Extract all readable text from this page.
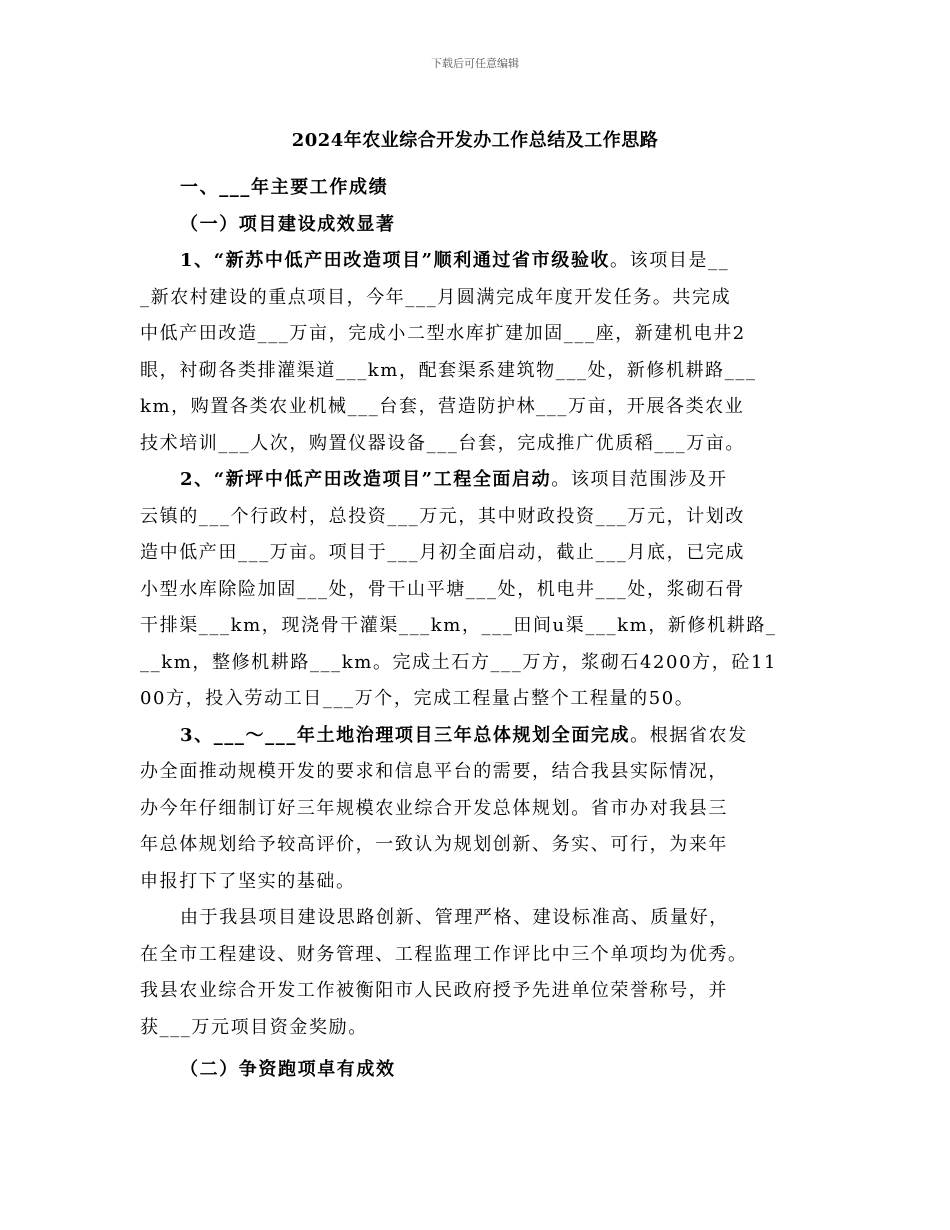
下载后可任意编辑
2024年农业综合开发办工作总结及工作思路
一、___年主要工作成绩
（一）项目建设成效显著
1、“新苏中低产田改造项目”顺利通过省市级验收。该项目是__
_新农村建设的重点项目，今年___月圆满完成年度开发任务。共完成
中低产田改造___万亩，完成小二型水库扩建加固___座，新建机电井2
眼，衬砌各类排灌渠道___km，配套渠系建筑物___处，新修机耕路___
km，购置各类农业机械___台套，营造防护林___万亩，开展各类农业
技术培训___人次，购置仪器设备___台套，完成推广优质稻___万亩。
2、“新坪中低产田改造项目”工程全面启动。该项目范围涉及开
云镇的___个行政村，总投资___万元，其中财政投资___万元，计划改
造中低产田___万亩。项目于___月初全面启动，截止___月底，已完成
小型水库除险加固___处，骨干山平塘___处，机电井___处，浆砌石骨
干排渠___km，现浇骨干灌渠___km，___田间u渠___km，新修机耕路_
__km，整修机耕路___km。完成土石方___万方，浆砌石4200方，砼11
00方，投入劳动工日___万个，完成工程量占整个工程量的50。
3、___～___年土地治理项目三年总体规划全面完成。根据省农发
办全面推动规模开发的要求和信息平台的需要，结合我县实际情况，
办今年仔细制订好三年规模农业综合开发总体规划。省市办对我县三
年总体规划给予较高评价，一致认为规划创新、务实、可行，为来年
申报打下了坚实的基础。
由于我县项目建设思路创新、管理严格、建设标准高、质量好，
在全市工程建设、财务管理、工程监理工作评比中三个单项均为优秀。
我县农业综合开发工作被衡阳市人民政府授予先进单位荣誉称号，并
获___万元项目资金奖励。
（二）争资跑项卓有成效
